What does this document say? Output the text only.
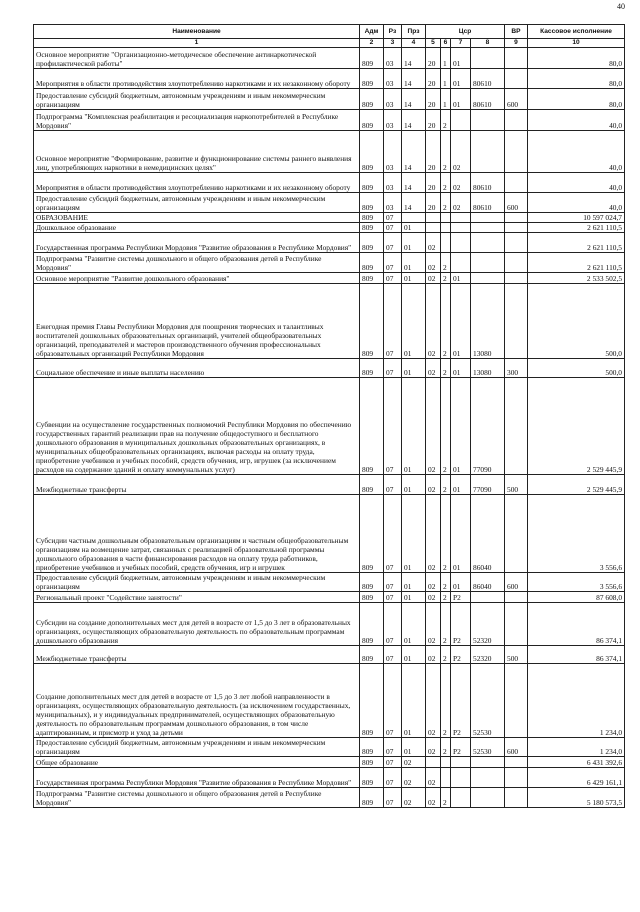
40
Наименование	Адм	Рз	Прз	Цср				ВР	Кассовое исполнение
1	2	3	4	5	6	7	8	9	10
Основное мероприятие "Организационно-методическое обеспечение антинаркотической профилактической работы"	809	03	14	20	1	01			80,0
Мероприятия в области противодействия злоупотреблению наркотиками и их незаконному обороту	809	03	14	20	1	01	80610		80,0
Предоставление субсидий бюджетным, автономным учреждениям и иным некоммерческим организациям	809	03	14	20	1	01	80610	600	80,0
Подпрограмма "Комплексная реабилитация и ресоциализация наркопотребителей в Республике Мордовия"	809	03	14	20	2				40,0
Основное мероприятие "Формирование, развитие и функционирование системы раннего выявления лиц, употребляющих наркотики в немедицинских целях"	809	03	14	20	2	02			40,0
Мероприятия в области противодействия злоупотреблению наркотиками и их незаконному обороту	809	03	14	20	2	02	80610		40,0
Предоставление субсидий бюджетным, автономным учреждениям и иным некоммерческим организациям	809	03	14	20	2	02	80610	600	40,0
ОБРАЗОВАНИЕ	809	07							10 597 024,7
Дошкольное образование	809	07	01						2 621 110,5
Государственная программа Республики Мордовия "Развитие образования в Республике Мордовия"	809	07	01	02					2 621 110,5
Подпрограмма "Развитие системы дошкольного и общего образования детей в Республике Мордовия"	809	07	01	02	2				2 621 110,5
Основное мероприятие "Развитие дошкольного образования"	809	07	01	02	2	01			2 533 502,5
Ежегодная премия Главы Республики Мордовия для поощрения творческих и талантливых воспитателей дошкольных образовательных организаций, учителей общеобразовательных организаций, преподавателей и мастеров производственного обучения профессиональных образовательных организаций Республики Мордовия	809	07	01	02	2	01	13080		500,0
Социальное обеспечение и иные выплаты населению	809	07	01	02	2	01	13080	300	500,0
Субвенции на осуществление государственных полномочий Республики Мордовия по обеспечению государственных гарантий реализации прав на получение общедоступного и бесплатного дошкольного образования в муниципальных дошкольных образовательных организациях, в муниципальных общеобразовательных организациях, включая расходы на оплату труда, приобретение учебников и учебных пособий, средств обучения, игр, игрушек (за исключением расходов на содержание зданий и оплату коммунальных услуг)	809	07	01	02	2	01	77090		2 529 445,9
Межбюджетные трансферты	809	07	01	02	2	01	77090	500	2 529 445,9
Субсидии частным дошкольным образовательным организациям и частным общеобразовательным организациям на возмещение затрат, связанных с реализацией образовательной программы дошкольного образования в части финансирования расходов на оплату труда работников, приобретение учебников и учебных пособий, средств обучения, игр и игрушек	809	07	01	02	2	01	86040		3 556,6
Предоставление субсидий бюджетным, автономным учреждениям и иным некоммерческим организациям	809	07	01	02	2	01	86040	600	3 556,6
Региональный проект "Содействие занятости"	809	07	01	02	2	P2			87 608,0
Субсидии на создание дополнительных мест для детей в возрасте от 1,5 до 3 лет в образовательных организациях, осуществляющих образовательную деятельность по образовательным программам дошкольного образования	809	07	01	02	2	P2	52320		86 374,1
Межбюджетные трансферты	809	07	01	02	2	P2	52320	500	86 374,1
Создание дополнительных мест для детей в возрасте от 1,5 до 3 лет любой направленности в организациях, осуществляющих образовательную деятельность (за исключением государственных, муниципальных), и у индивидуальных предпринимателей, осуществляющих образовательную деятельность по образовательным программам дошкольного образования, в том числе адаптированным, и присмотр и уход за детьми	809	07	01	02	2	P2	52530		1 234,0
Предоставление субсидий бюджетным, автономным учреждениям и иным некоммерческим организациям	809	07	01	02	2	P2	52530	600	1 234,0
Общее образование	809	07	02						6 431 392,6
Государственная программа Республики Мордовия "Развитие образования в Республике Мордовия"	809	07	02	02					6 429 161,1
Подпрограмма "Развитие системы дошкольного и общего образования детей в Республике Мордовия"	809	07	02	02	2				5 180 573,5
